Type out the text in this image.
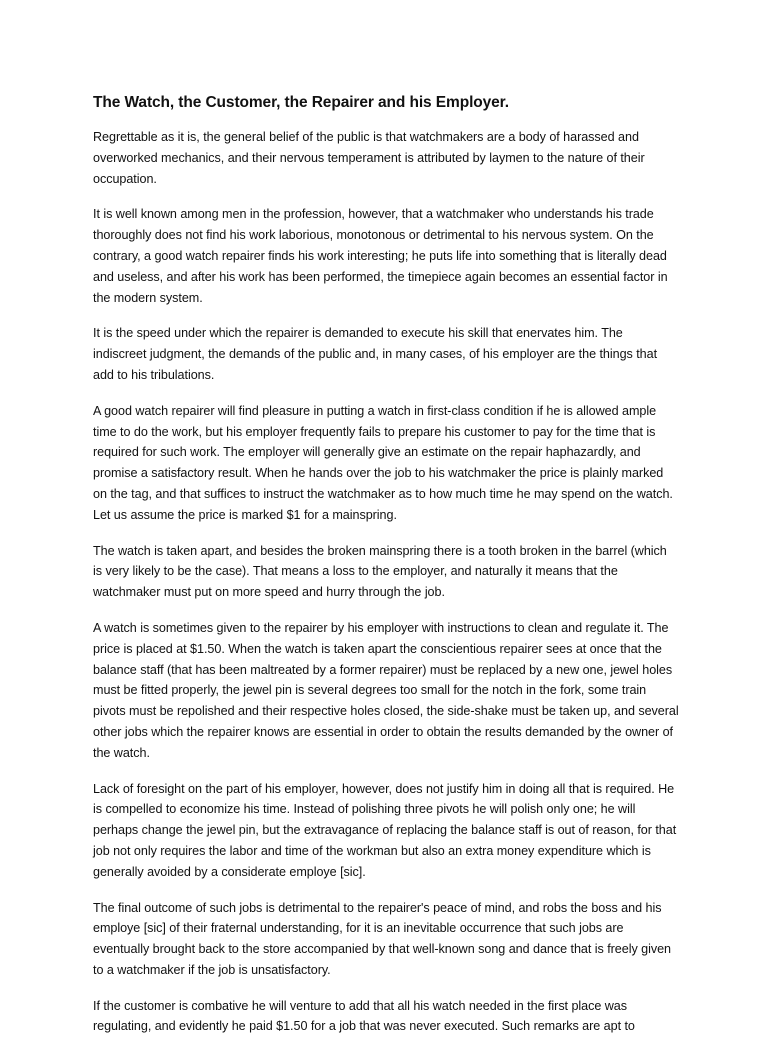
The Watch, the Customer, the Repairer and his Employer.

Regrettable as it is, the general belief of the public is that watchmakers are a body of harassed and overworked mechanics, and their nervous temperament is attributed by laymen to the nature of their occupation.

It is well known among men in the profession, however, that a watchmaker who understands his trade thoroughly does not find his work laborious, monotonous or detrimental to his nervous system. On the contrary, a good watch repairer finds his work interesting; he puts life into something that is literally dead and useless, and after his work has been performed, the timepiece again becomes an essential factor in the modern system.

It is the speed under which the repairer is demanded to execute his skill that enervates him. The indiscreet judgment, the demands of the public and, in many cases, of his employer are the things that add to his tribulations.

A good watch repairer will find pleasure in putting a watch in first-class condition if he is allowed ample time to do the work, but his employer frequently fails to prepare his customer to pay for the time that is required for such work. The employer will generally give an estimate on the repair haphazardly, and promise a satisfactory result. When he hands over the job to his watchmaker the price is plainly marked on the tag, and that suffices to instruct the watchmaker as to how much time he may spend on the watch. Let us assume the price is marked $1 for a mainspring.

The watch is taken apart, and besides the broken mainspring there is a tooth broken in the barrel (which is very likely to be the case). That means a loss to the employer, and naturally it means that the watchmaker must put on more speed and hurry through the job.

A watch is sometimes given to the repairer by his employer with instructions to clean and regulate it. The price is placed at $1.50. When the watch is taken apart the conscientious repairer sees at once that the balance staff (that has been maltreated by a former repairer) must be replaced by a new one, jewel holes must be fitted properly, the jewel pin is several degrees too small for the notch in the fork, some train pivots must be repolished and their respective holes closed, the side-shake must be taken up, and several other jobs which the repairer knows are essential in order to obtain the results demanded by the owner of the watch.

Lack of foresight on the part of his employer, however, does not justify him in doing all that is required. He is compelled to economize his time. Instead of polishing three pivots he will polish only one; he will perhaps change the jewel pin, but the extravagance of replacing the balance staff is out of reason, for that job not only requires the labor and time of the workman but also an extra money expenditure which is generally avoided by a considerate employe [sic].

The final outcome of such jobs is detrimental to the repairer's peace of mind, and robs the boss and his employe [sic] of their fraternal understanding, for it is an inevitable occurrence that such jobs are eventually brought back to the store accompanied by that well-known song and dance that is freely given to a watchmaker if the job is unsatisfactory.

If the customer is combative he will venture to add that all his watch needed in the first place was regulating, and evidently he paid $1.50 for a job that was never executed. Such remarks are apt to
